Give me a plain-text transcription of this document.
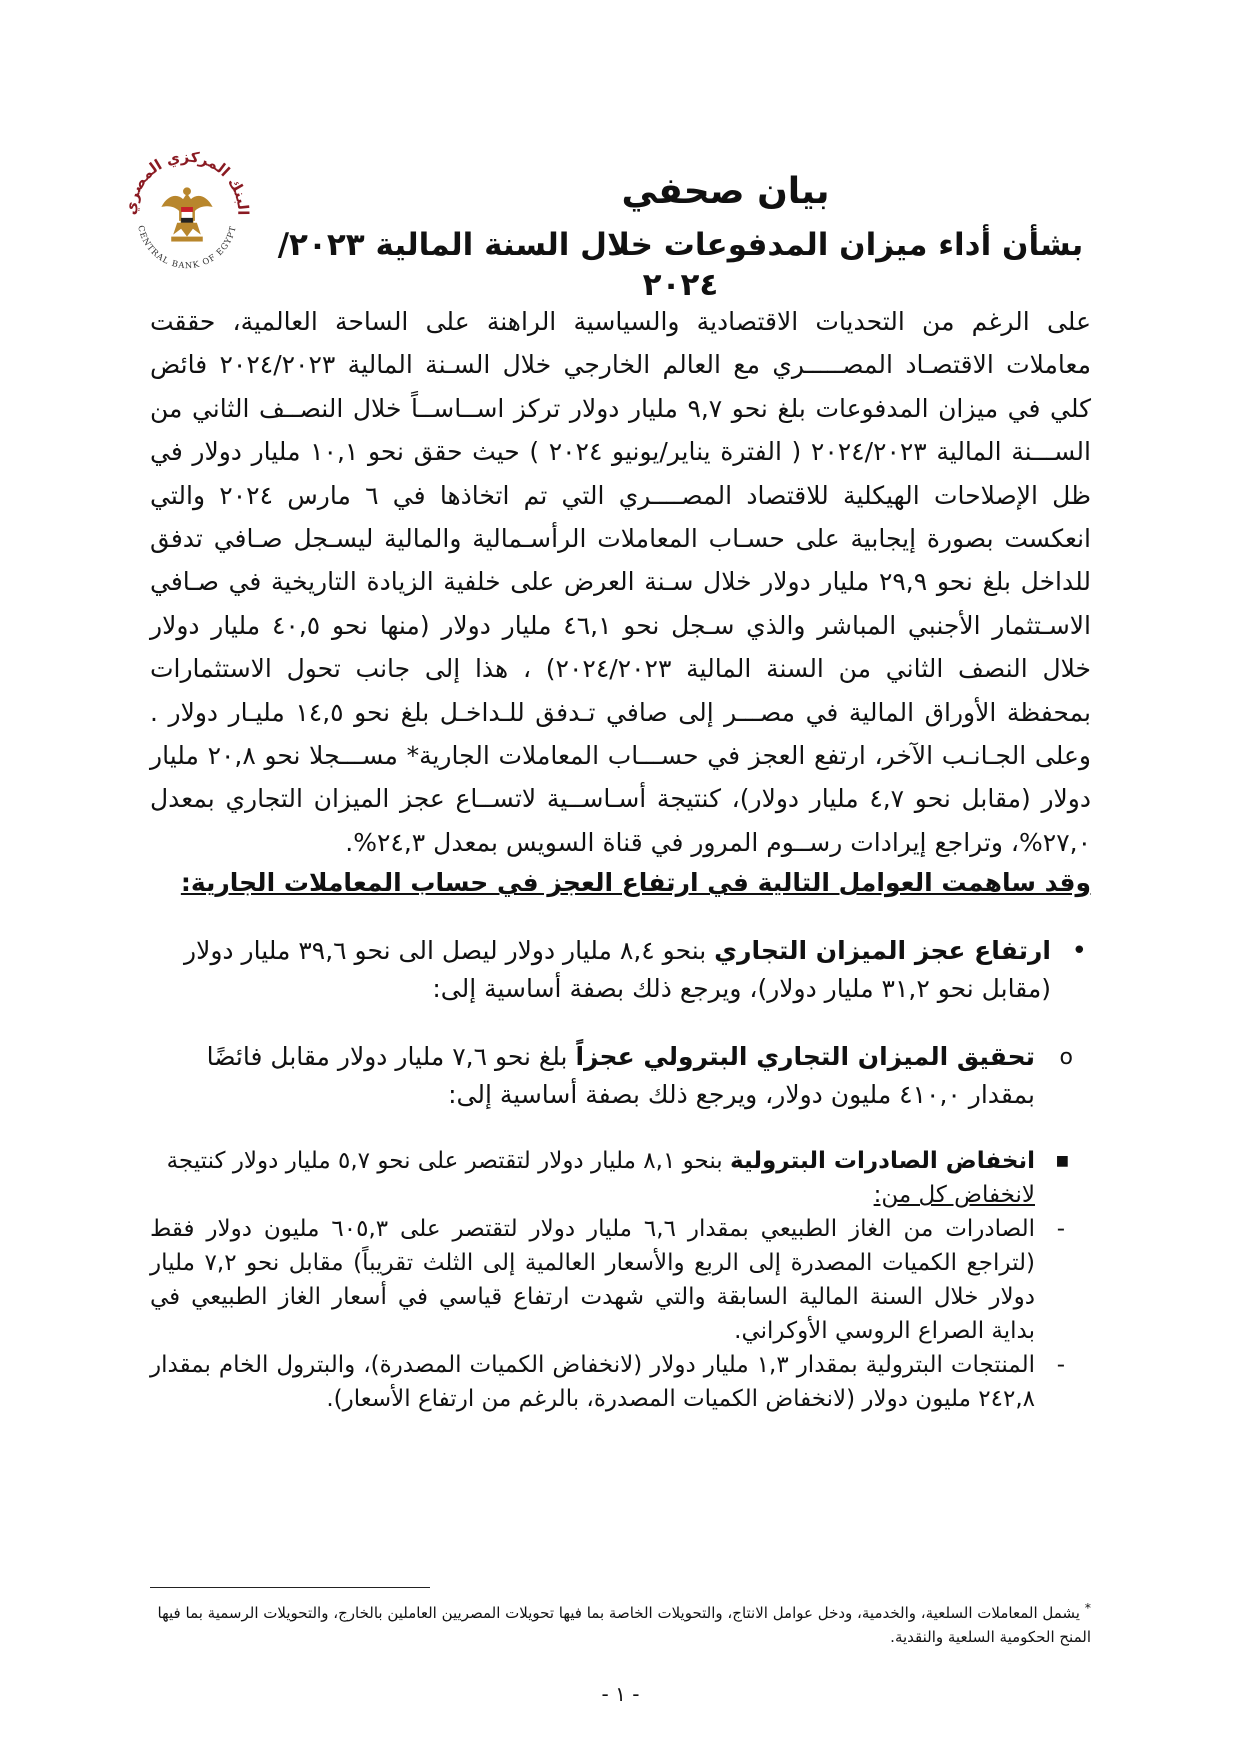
البنك المركزي المصري
CENTRAL BANK OF EGYPT
بيان صحفي
بشأن أداء ميزان المدفوعات خلال السنة المالية ٢٠٢٣/ ٢٠٢٤

على الرغم من التحديات الاقتصادية والسياسية الراهنة على الساحة العالمية، حققت معاملات الاقتصـاد المصـــــري مع العالم الخارجي خلال السـنة المالية ٢٠٢٤/٢٠٢٣ فائض كلي في ميزان المدفوعات بلغ نحو ٩,٧ مليار دولار تركز اســاســاً خلال النصــف الثاني من الســـنة المالية ٢٠٢٤/٢٠٢٣ ( الفترة يناير/يونيو ٢٠٢٤ ) حيث حقق نحو ١٠,١ مليار دولار في ظل الإصلاحات الهيكلية للاقتصاد المصــــري التي تم اتخاذها في ٦ مارس ٢٠٢٤ والتي انعكست بصورة إيجابية على حسـاب المعاملات الرأسـمالية والمالية ليسـجل صـافي تدفق للداخل بلغ نحو ٢٩,٩ مليار دولار خلال سـنة العرض على خلفية الزيادة التاريخية في صـافي الاسـتثمار الأجنبي المباشر والذي سـجل نحو ٤٦,١ مليار دولار (منها نحو ٤٠,٥ مليار دولار خلال النصف الثاني من السنة المالية ٢٠٢٤/٢٠٢٣) ، هذا إلى جانب تحول الاستثمارات بمحفظة الأوراق المالية في مصـــر إلى صافي تـدفق للـداخـل بلغ نحو ١٤,٥ مليـار دولار . وعلى الجـانـب الآخر، ارتفع العجز في حســـاب المعاملات الجارية* مســـجلا نحو ٢٠,٨ مليار دولار (مقابل نحو ٤,٧ مليار دولار)، كنتيجة أسـاســية لاتســاع عجز الميزان التجاري بمعدل ٢٧,٠%، وتراجع إيرادات رســوم المرور في قناة السويس بمعدل ٢٤,٣%.

وقد ساهمت العوامل التالية في ارتفاع العجز في حساب المعاملات الجارية:

•
ارتفاع عجز الميزان التجاري بنحو ٨,٤ مليار دولار ليصل الى نحو ٣٩,٦ مليار دولار (مقابل نحو ٣١,٢ مليار دولار)، ويرجع ذلك بصفة أساسية إلى:
o
تحقيق الميزان التجاري البترولي عجزاً بلغ نحو ٧,٦ مليار دولار مقابل فائضًا بمقدار ٤١٠,٠ مليون دولار، ويرجع ذلك بصفة أساسية إلى:
■
انخفاض الصادرات البترولية بنحو ٨,١ مليار دولار لتقتصر على نحو ٥,٧ مليار دولار كنتيجة لانخفاض كل من:
-
الصادرات من الغاز الطبيعي بمقدار ٦,٦ مليار دولار لتقتصر على ٦٠٥,٣ مليون دولار فقط (لتراجع الكميات المصدرة إلى الربع والأسعار العالمية إلى الثلث تقريباً) مقابل نحو ٧,٢ مليار دولار خلال السنة المالية السابقة والتي شهدت ارتفاع قياسي في أسعار الغاز الطبيعي في بداية الصراع الروسي الأوكراني.
-
المنتجات البترولية بمقدار ١,٣ مليار دولار (لانخفاض الكميات المصدرة)، والبترول الخام بمقدار ٢٤٢,٨ مليون دولار (لانخفاض الكميات المصدرة، بالرغم من ارتفاع الأسعار).
* يشمل المعاملات السلعية، والخدمية، ودخل عوامل الانتاج، والتحويلات الخاصة بما فيها تحويلات المصريين العاملين بالخارج، والتحويلات الرسمية بما فيها المنح الحكومية السلعية والنقدية.
- ١ -
